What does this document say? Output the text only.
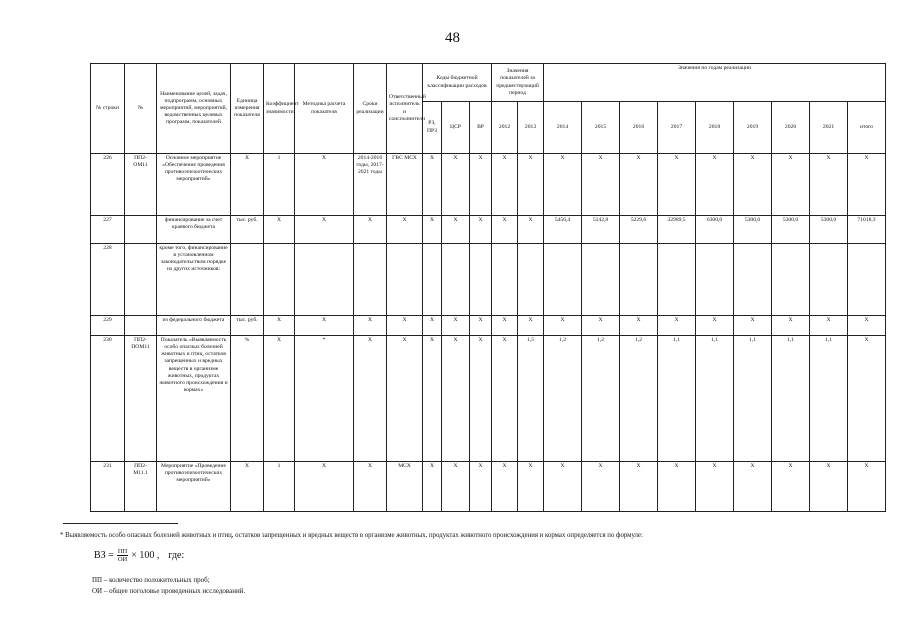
48
№ строки	№	Наименование целей, задач, подпрограмм, основных мероприятий, мероприятий, ведомственных целевых программ, показателей	Единица измерения показателя	Коэффициент значимости	Методика расчета показателя	Сроки реализации	Ответственный исполнитель и соисполнители	Коды бюджетной классификации расходов			Значения показателей за предшествующий период		Значения по годам реализации								
								РЗ, ПРЗ	ЦСР	ВР	2012	2013	2014	2015	2016	2017	2018	2019	2020	2021	итого
226	ПП2-ОМ11	Основное мероприятие «Обеспечение проведения противоэпизоотических мероприятий»	X	1	X	2014-2016 годы, 2017-2021 годы	ГВС МСХ	X	X	X	X	X	X	X	X	X	X	X	X	X	X
227		финансирование за счет краевого бюджета	тыс. руб.	X	X	X	X	X	X	X	X	X	5456,4	5142,8	5229,6	32989,5	6300,0	5300,0	5300,0	5300,0	71018,3
228		кроме того, финансирование в установленном законодательством порядке из других источников:																			
229		из федерального бюджета	тыс. руб.	X	X	X	X	X	X	X	X	X	X	X	X	X	X	X	X	X	X
230	ПП2-ПОМ11	Показатель «Выявляемость особо опасных болезней животных и птиц, остатков запрещенных и вредных веществ в организме животных, продуктах животного происхождения и кормах»	%	X	*	X	X	X	X	X	X	1,5	1,2	1,2	1,2	1,1	1,1	1,1	1,1	1,1	X
231	ПП2-М11.1	Мероприятие «Проведение противоэпизоотических мероприятий»	X	1	X	X	МСХ	X	X	X	X	X	X	X	X	X	X	X	X	X	X
* Выявляемость особо опасных болезней животных и птиц, остатков запрещенных и вредных веществ в организме животных, продуктах животного происхождения и кормах определяется по формуле:
ВЗ = $\frac{ПП}{ОИ} \times 100$ , где:
ПП – количество положительных проб;
ОИ – общее поголовье проведенных исследований.
